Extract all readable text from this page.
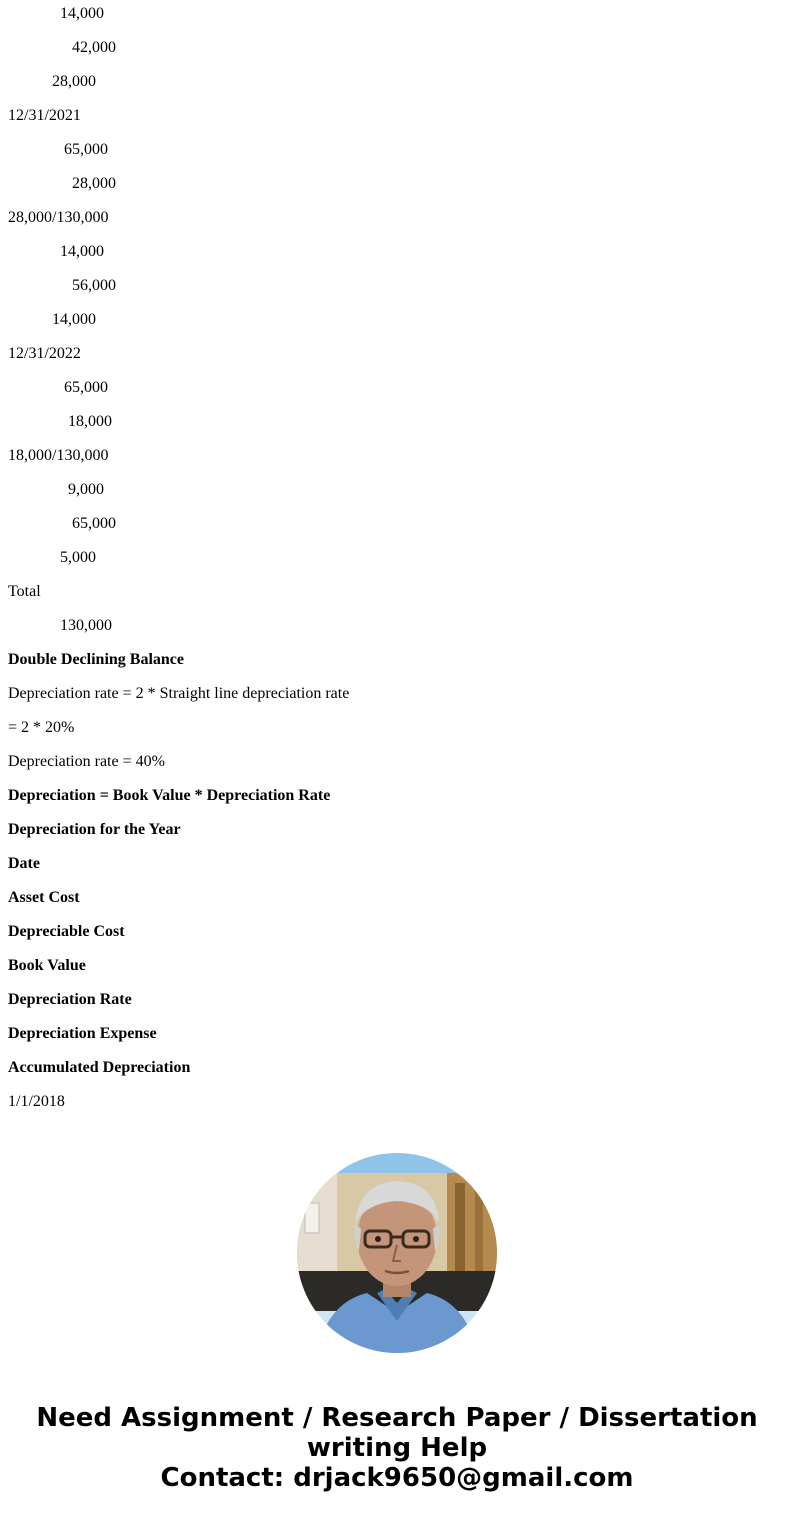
14,000
42,000
28,000
12/31/2021
65,000
28,000
28,000/130,000
14,000
56,000
14,000
12/31/2022
65,000
18,000
18,000/130,000
9,000
65,000
5,000
Total
130,000
Double Declining Balance
Depreciation rate = 2 * Straight line depreciation rate
= 2 * 20%
Depreciation rate = 40%
Depreciation = Book Value * Depreciation Rate
Depreciation for the Year
Date
Asset Cost
Depreciable Cost
Book Value
Depreciation Rate
Depreciation Expense
Accumulated Depreciation
1/1/2018
Need Assignment / Research Paper / Dissertation
writing Help
Contact: drjack9650@gmail.com
